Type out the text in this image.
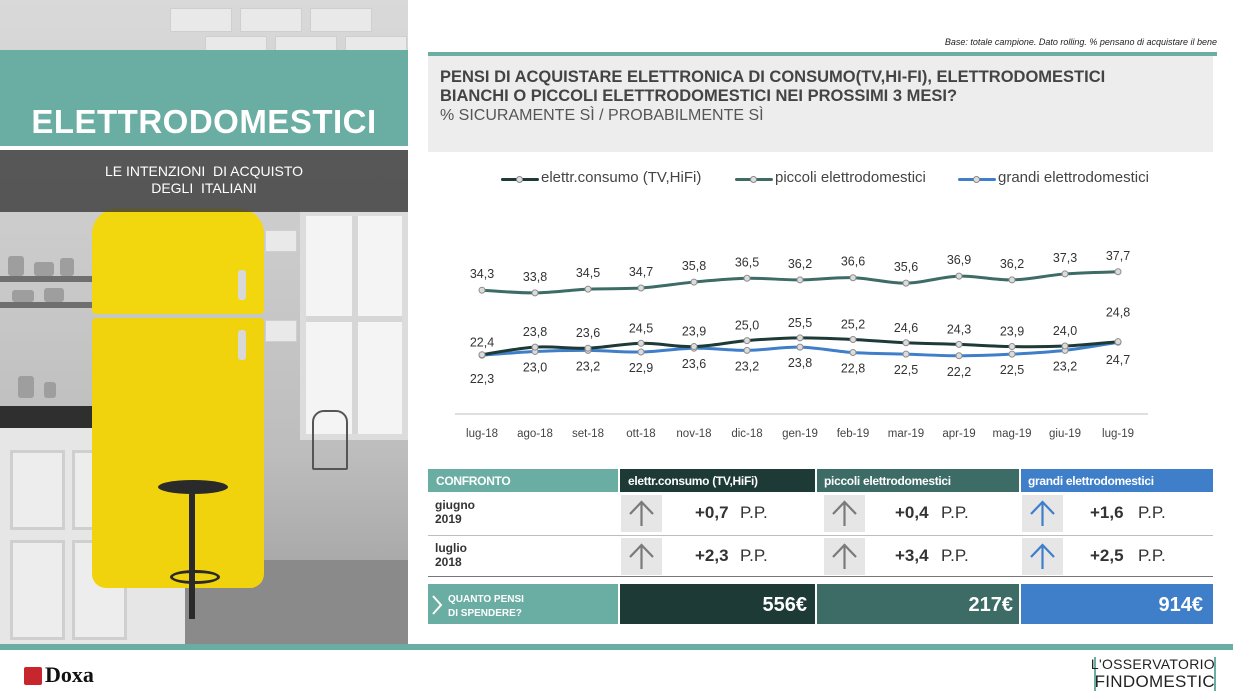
ELETTRODOMESTICI
LE INTENZIONI  DI ACQUISTO
DEGLI  ITALIANI
Base: totale campione. Dato rolling. % pensano di acquistare il bene
PENSI DI ACQUISTARE ELETTRONICA DI CONSUMO(TV,HI-FI), ELETTRODOMESTICI
BIANCHI O PICCOLI ELETTRODOMESTICI NEI PROSSIMI 3 MESI?
% SICURAMENTE SÌ / PROBABILMENTE SÌ
elettr.consumo (TV,HiFi)	piccoli elettrodomestici	grandi elettrodomestici
lug-18 ago-18 set-18 ott-18 nov-18 dic-18 gen-19 feb-19 mar-19 apr-19 mag-19 giu-19 lug-19
22,4
23,8 23,6 24,5 23,9 25,0 25,5 25,2 24,6 24,3 23,9 24,0
24,8
34,3 33,8 34,5 34,7 35,8 36,5 36,2 36,6 35,6
36,9 36,2 37,3 37,7
22,3
23,0 23,2 22,9 23,6 23,2 23,8 22,8 22,5 22,2 22,5 23,2 24,7
CONFRONTO	elettr.consumo (TV,HiFi)	piccoli elettrodomestici	grandi elettrodomestici
giugno
2019	+0,7 P.P.	+0,4 P.P.	+1,6 P.P.
luglio
2018	+2,3 P.P.	+3,4 P.P.	+2,5 P.P.
QUANTO PENSI
DI SPENDERE?	556€	217€	914€
Doxa	L'OSSERVATORIO
FINDOMESTIC
